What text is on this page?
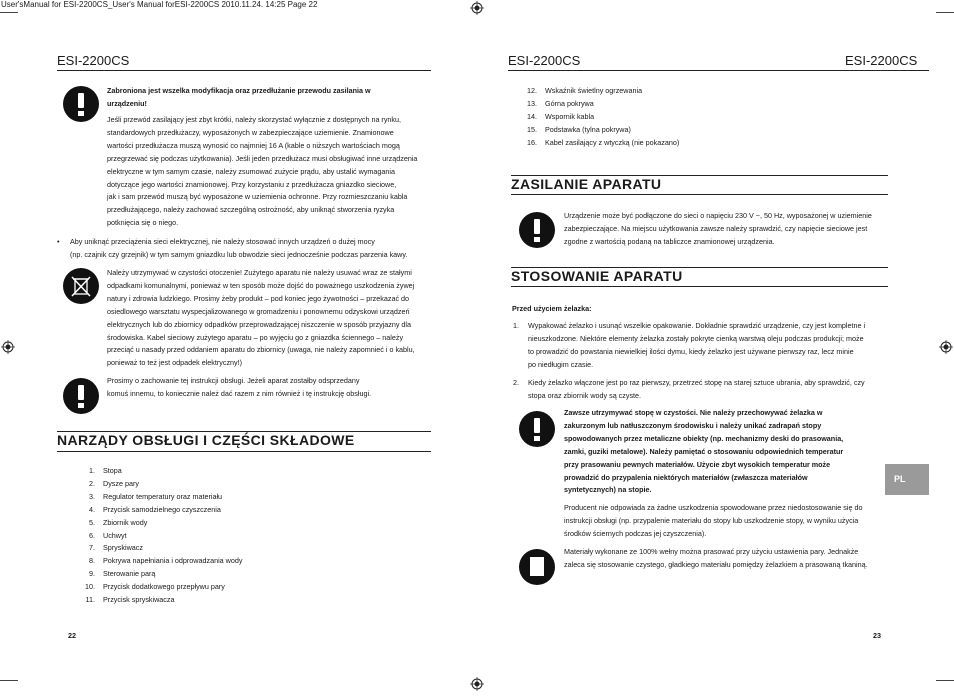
User'sManual for ESI-2200CS_User's Manual forESI-2200CS 2010.11.24. 14:25 Page 22
ESI-2200CS
Zabroniona jest wszelka modyfikacja oraz przedłużanie przewodu zasilania w urządzeniu!
Jeśli przewód zasilający jest zbyt krótki, należy skorzystać wyłącznie z dostępnych na rynku,
standardowych przedłużaczy, wyposażonych w zabezpieczające uziemienie. Znamionowe
wartości przedłużacza muszą wynosić co najmniej 16 A (kable o niższych wartościach mogą
przegrzewać się podczas użytkowania). Jeśli jeden przedłużacz musi obsługiwać inne urządzenia
elektryczne w tym samym czasie, należy zsumować zużycie prądu, aby ustalić wymagania
dotyczące jego wartości znamionowej. Przy korzystaniu z przedłużacza gniazdko sieciowe,
jak i sam przewód muszą być wyposażone w uziemienia ochronne. Przy rozmieszczaniu kabla
przedłużającego, należy zachować szczególną ostrożność, aby uniknąć stworzenia ryzyka
potknięcia się o niego.
• Aby uniknąć przeciążenia sieci elektrycznej, nie należy stosować innych urządzeń o dużej mocy
(np. czajnik czy grzejnik) w tym samym gniazdku lub obwodzie sieci jednocześnie podczas parzenia kawy.
Należy utrzymywać w czystości otoczenie! Zużytego aparatu nie należy usuwać wraz ze stałymi
odpadkami komunalnymi, ponieważ w ten sposób może dojść do poważnego uszkodzenia żywej
natury i zdrowia ludzkiego. Prosimy żeby produkt – pod koniec jego żywotności – przekazać do
osiedlowego warsztatu wyspecjalizowanego w gromadzeniu i ponownemu odzyskowi urządzeń
elektrycznych lub do zbiornicy odpadków przeprowadzającej niszczenie w sposób przyjazny dla
środowiska. Kabel sieciowy zużytego aparatu – po wyjęciu go z gniazdka ściennego – należy
przeciąć u nasady przed oddaniem aparatu do zbiornicy (uwaga, nie należy zapomnieć i o kablu,
ponieważ to też jest odpadek elektryczny!)
Prosimy o zachowanie tej instrukcji obsługi. Jeżeli aparat zostałby odsprzedany
komuś innemu, to koniecznie należ dać razem z nim również i tę instrukcję obsługi.
NARZĄDY OBSŁUGI I CZĘŚCI SKŁADOWE
1. Stopa
2. Dysze pary
3. Regulator temperatury oraz materiału
4. Przycisk samodzielnego czyszczenia
5. Zbiornik wody
6. Uchwyt
7. Spryskiwacz
8. Pokrywa napełniania i odprowadzania wody
9. Sterowanie parą
10. Przycisk dodatkowego przepływu pary
11. Przycisk spryskiwacza
22
ESI-2200CS	ESI-2200CS
12. Wskaźnik świetlny ogrzewania
13. Górna pokrywa
14. Wspornik kabla
15. Podstawka (tylna pokrywa)
16. Kabel zasilający z wtyczką (nie pokazano)
ZASILANIE APARATU
Urządzenie może być podłączone do sieci o napięciu 230 V ~, 50 Hz, wyposażonej w uziemienie
zabezpieczające. Na miejscu użytkowania zawsze należy sprawdzić, czy napięcie sieciowe jest
zgodne z wartością podaną na tabliczce znamionowej urządzenia.
STOSOWANIE APARATU
Przed użyciem żelazka:
1. Wypakować żelazko i usunąć wszelkie opakowanie. Dokładnie sprawdzić urządzenie, czy jest kompletne i
nieuszkodzone. Niektóre elementy żelazka zostały pokryte cienką warstwą oleju podczas produkcji; może
to prowadzić do powstania niewielkiej ilości dymu, kiedy żelazko jest używane pierwszy raz, lecz minie
po niedługim czasie.
2. Kiedy żelazko włączone jest po raz pierwszy, przetrzeć stopę na starej sztuce ubrania, aby sprawdzić, czy
stopa oraz zbiornik wody są czyste.
Zawsze utrzymywać stopę w czystości. Nie należy przechowywać żelazka w
zakurzonym lub natłuszczonym środowisku i należy unikać zadrapań stopy
spowodowanych przez metaliczne obiekty (np. mechanizmy deski do prasowania,
zamki, guziki metalowe). Należy pamiętać o stosowaniu odpowiednich temperatur
przy prasowaniu pewnych materiałów. Użycie zbyt wysokich temperatur może
prowadzić do przypalenia niektórych materiałów (zwłaszcza materiałów
syntetycznych) na stopie.
Producent nie odpowiada za żadne uszkodzenia spowodowane przez niedostosowanie się do
instrukcji obsługi (np. przypalenie materiału do stopy lub uszkodzenie stopy, w wyniku użycia
środków ściernych podczas jej czyszczenia).
Materiały wykonane ze 100% wełny można prasować przy użyciu ustawienia pary. Jednakże
zaleca się stosowanie czystego, gładkiego materiału pomiędzy żelazkiem a prasowaną tkaniną.
PL
23
